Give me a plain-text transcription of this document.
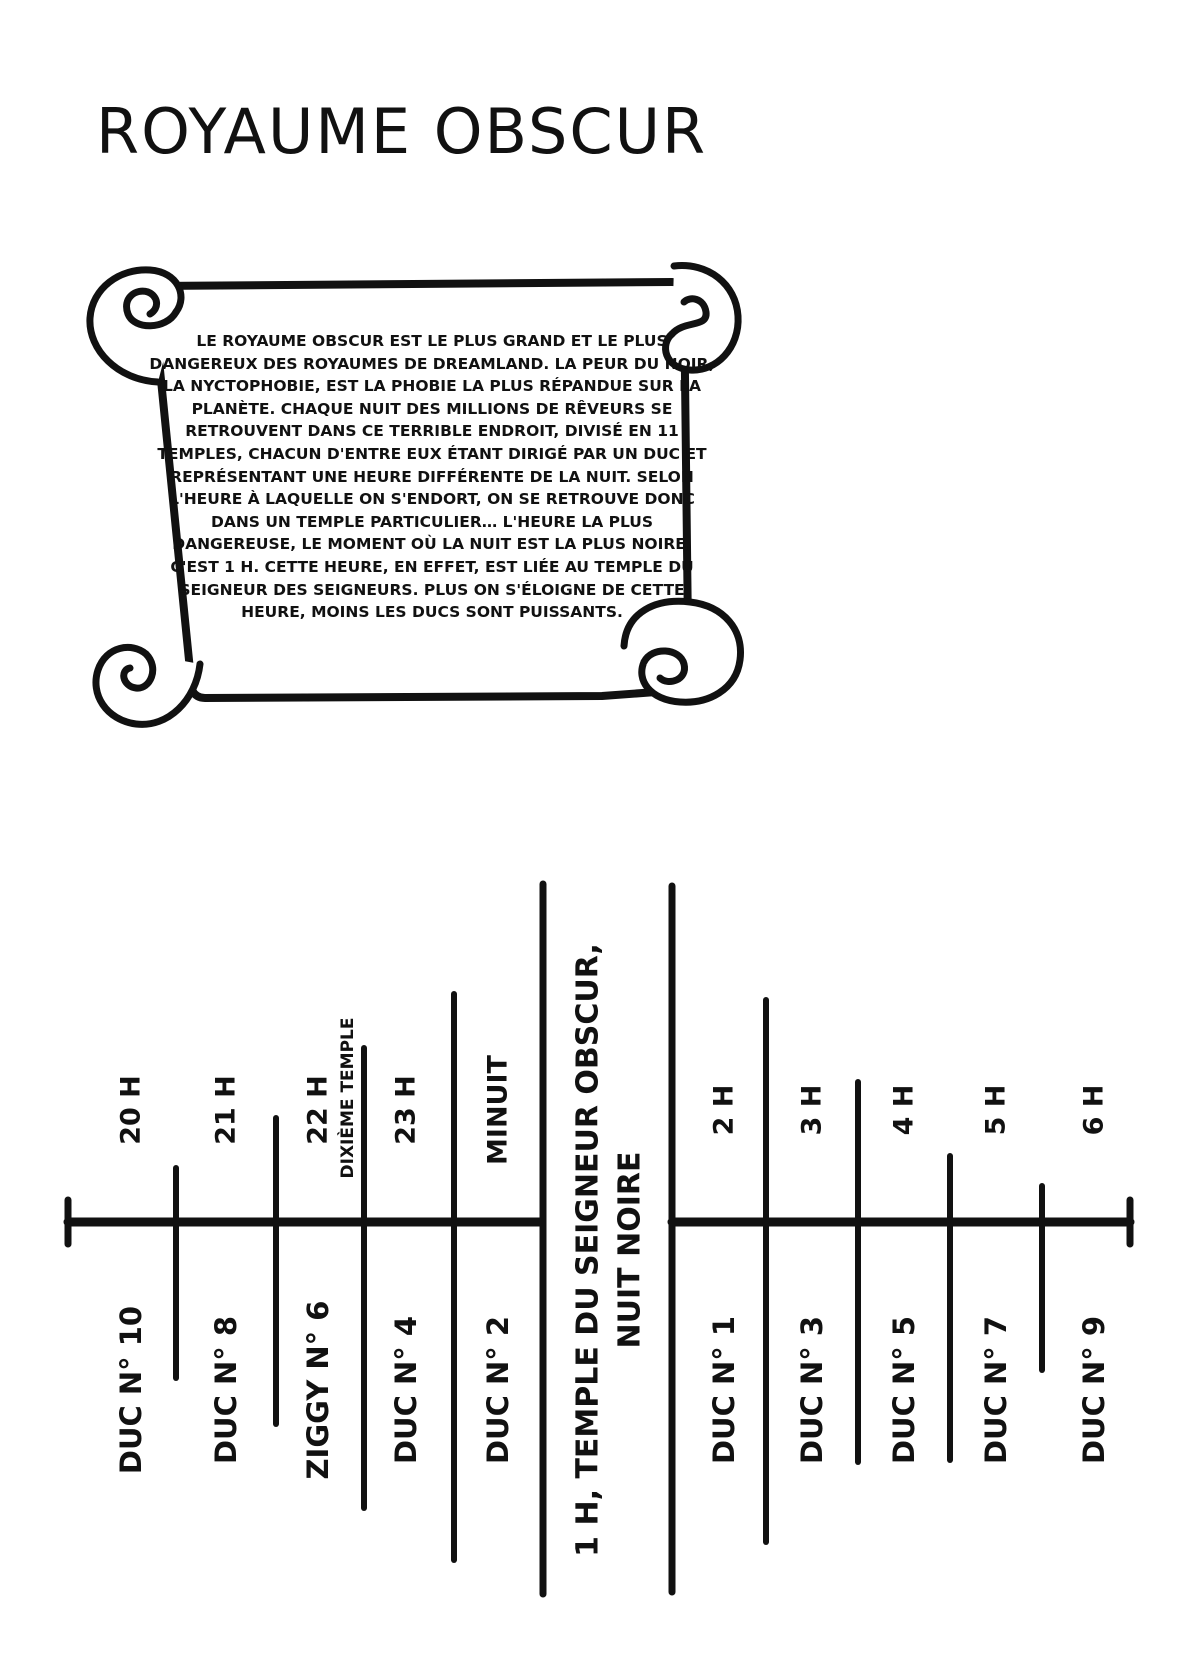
ROYAUME OBSCUR

LE ROYAUME OBSCUR EST LE PLUS GRAND ET LE PLUS DANGEREUX DES ROYAUMES DE DREAMLAND. LA PEUR DU NOIR, LA NYCTOPHOBIE, EST LA PHOBIE LA PLUS RÉPANDUE SUR LA PLANÈTE. CHAQUE NUIT DES MILLIONS DE RÊVEURS SE RETROUVENT DANS CE TERRIBLE ENDROIT, DIVISÉ EN 11 TEMPLES, CHACUN D'ENTRE EUX ÉTANT DIRIGÉ PAR UN DUC ET REPRÉSENTANT UNE HEURE DIFFÉRENTE DE LA NUIT. SELON L'HEURE À LAQUELLE ON S'ENDORT, ON SE RETROUVE DONC DANS UN TEMPLE PARTICULIER… L'HEURE LA PLUS DANGEREUSE, LE MOMENT OÙ LA NUIT EST LA PLUS NOIRE, C'EST 1 H. CETTE HEURE, EN EFFET, EST LIÉE AU TEMPLE DU SEIGNEUR DES SEIGNEURS. PLUS ON S'ÉLOIGNE DE CETTE HEURE, MOINS LES DUCS SONT PUISSANTS.

20 H
DUC N° 10
21 H
DUC N° 8
22 H
ZIGGY N° 6
DIXIÈME TEMPLE 23 H
DUC N° 4
MINUIT
DUC N° 2
2 H
DUC N° 1
3 H
DUC N° 3
4 H
DUC N° 5
5 H
DUC N° 7
6 H
DUC N° 9
1 H, TEMPLE DU SEIGNEUR OBSCUR, NUIT NOIRE
